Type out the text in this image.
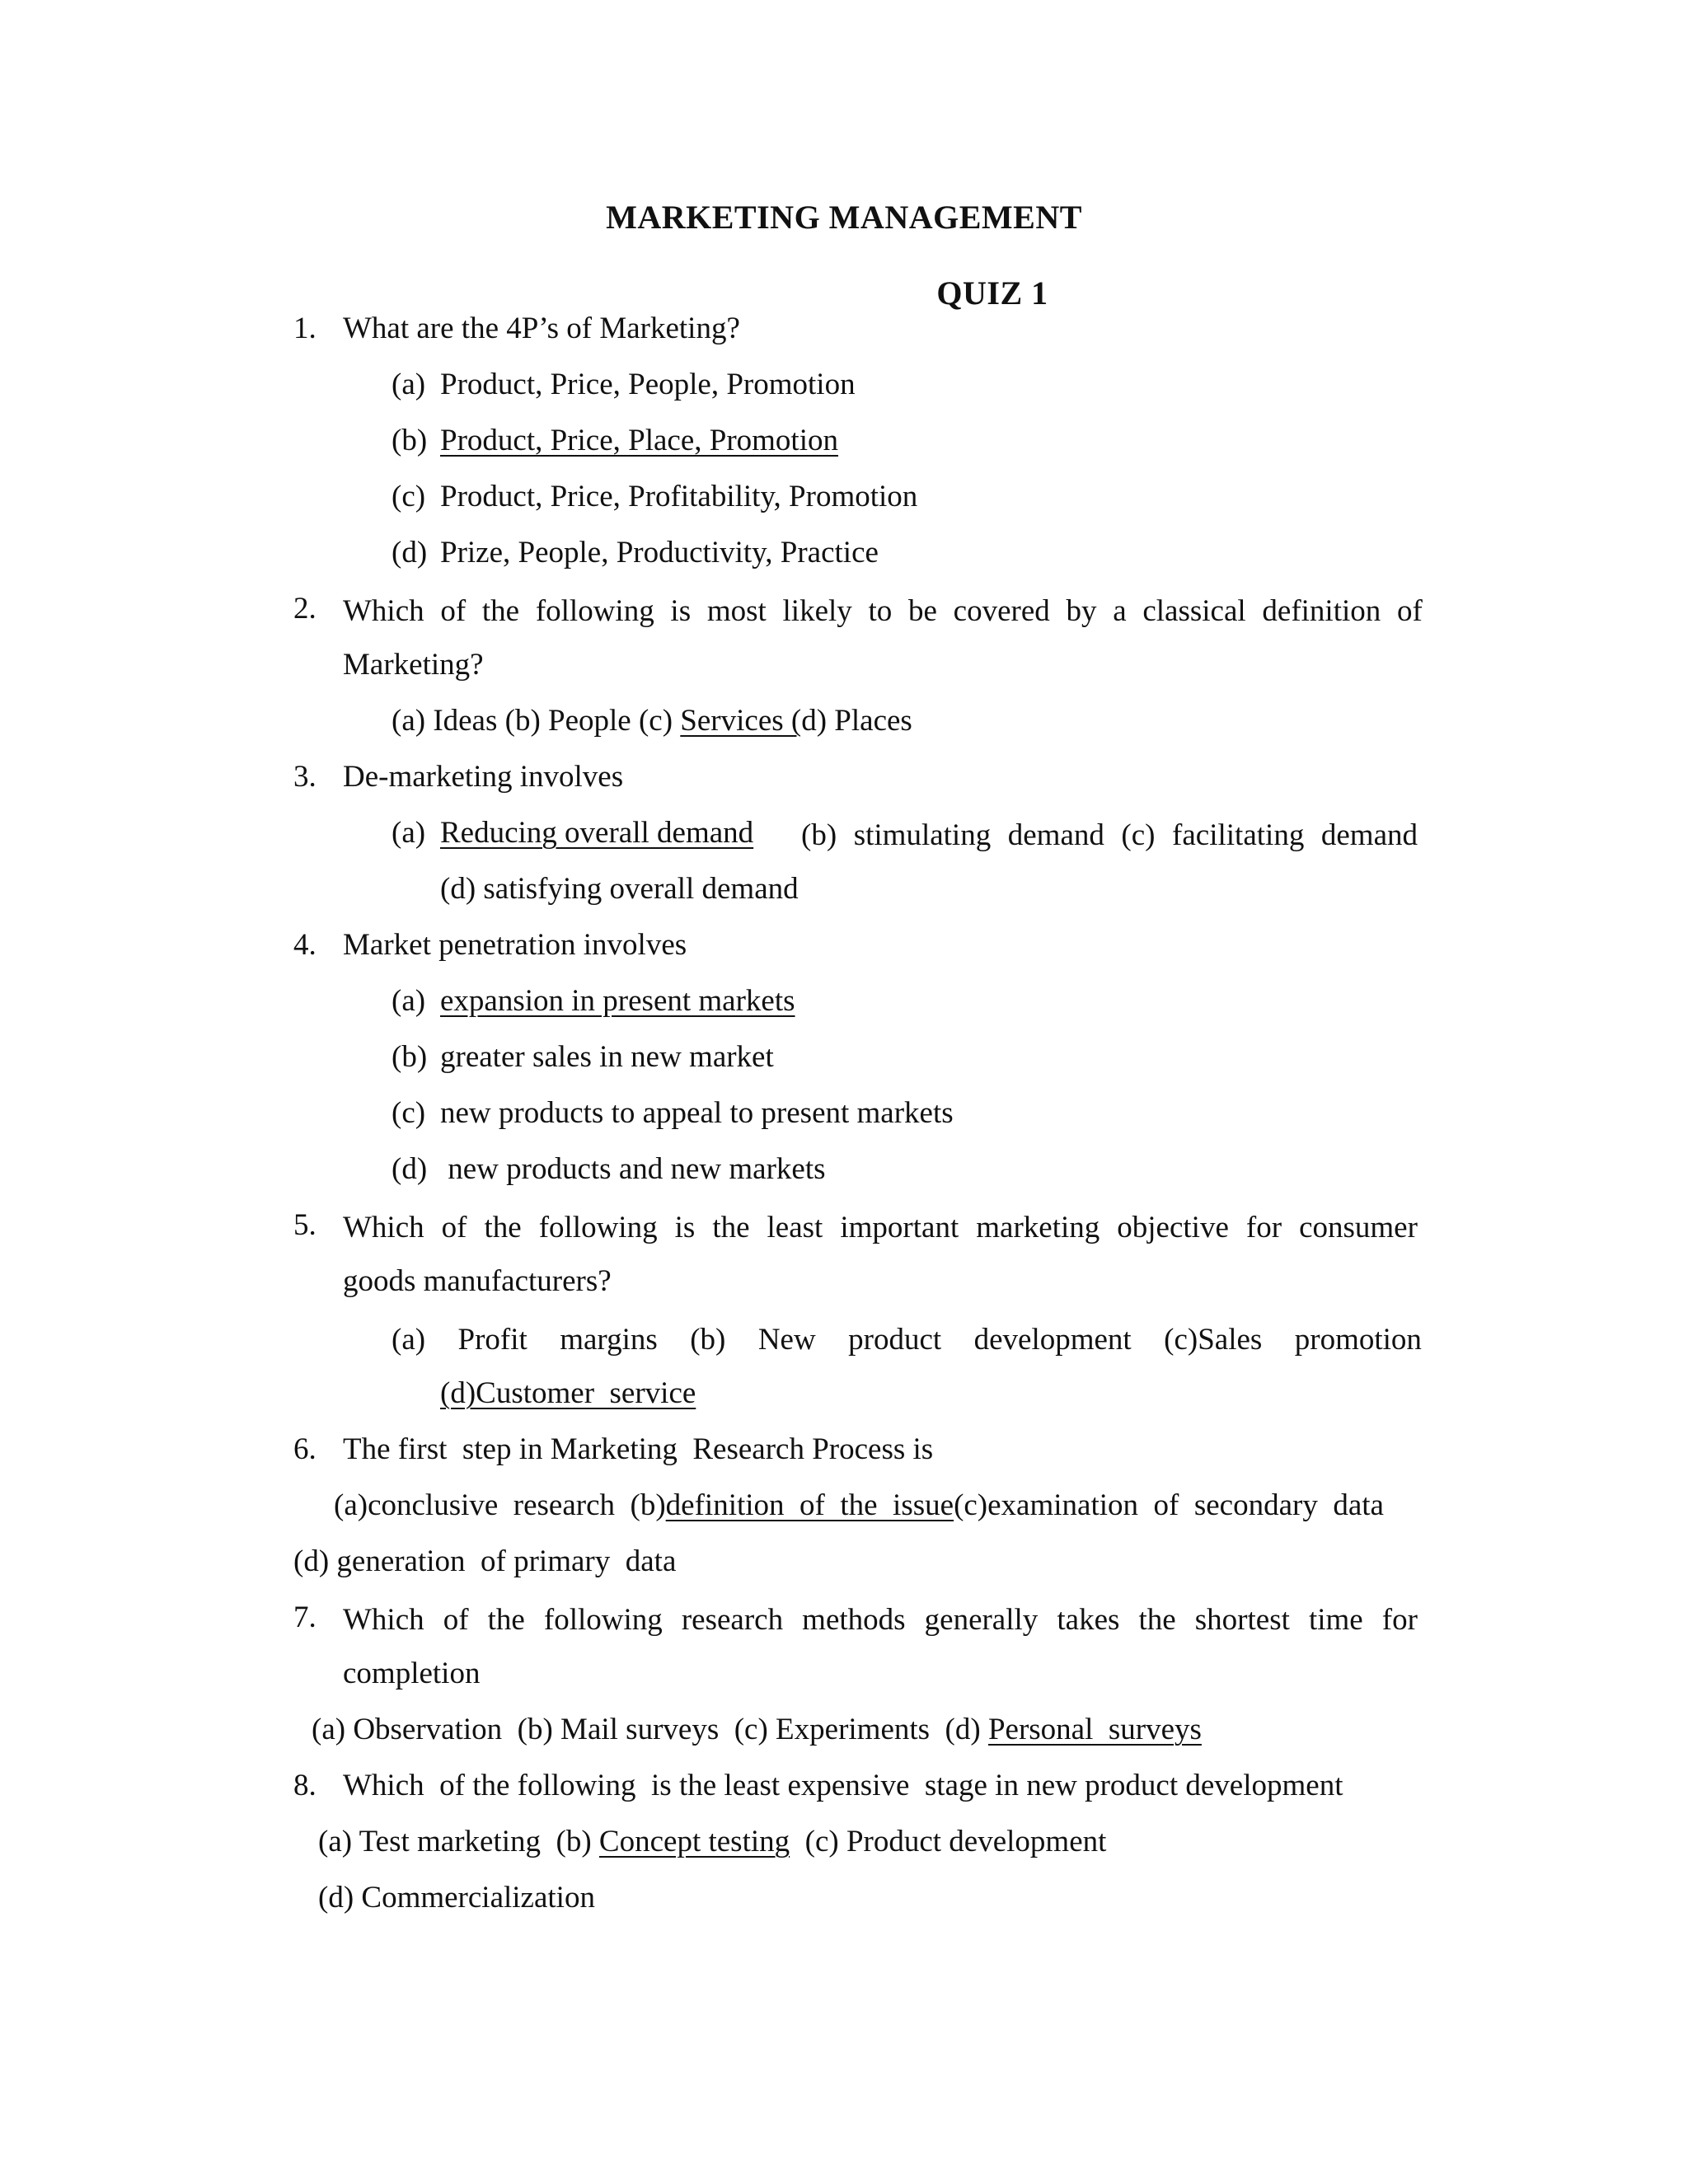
MARKETING MANAGEMENT
QUIZ 1
1. What are the 4P’s of Marketing?
(a) Product, Price, People, Promotion
(b) Product, Price, Place, Promotion
(c) Product, Price, Profitability, Promotion
(d) Prize, People, Productivity, Practice
2. Which of the following is most likely to be covered by a classical definition of
Marketing?
(a) Ideas (b) People (c) Services (d) Places
3. De-marketing involves
(a) Reducing overall demand (b) stimulating demand (c) facilitating demand
(d) satisfying overall demand
4. Market penetration involves
(a) expansion in present markets
(b) greater sales in new market
(c) new products to appeal to present markets
(d) new products and new markets
5. Which of the following is the least important marketing objective for consumer
goods manufacturers?
(a) Profit margins (b) New product development (c)Sales promotion
(d)Customer  service
6. The first  step in Marketing  Research Process is
(a)conclusive  research  (b)definition  of  the  issue(c)examination  of  secondary  data
(d) generation  of primary  data
7. Which of the following research methods generally takes the shortest time for
completion
(a) Observation  (b) Mail surveys  (c) Experiments  (d) Personal  surveys
8. Which  of the following  is the least expensive  stage in new product development
(a) Test marketing  (b) Concept testing  (c) Product development
(d) Commercialization
